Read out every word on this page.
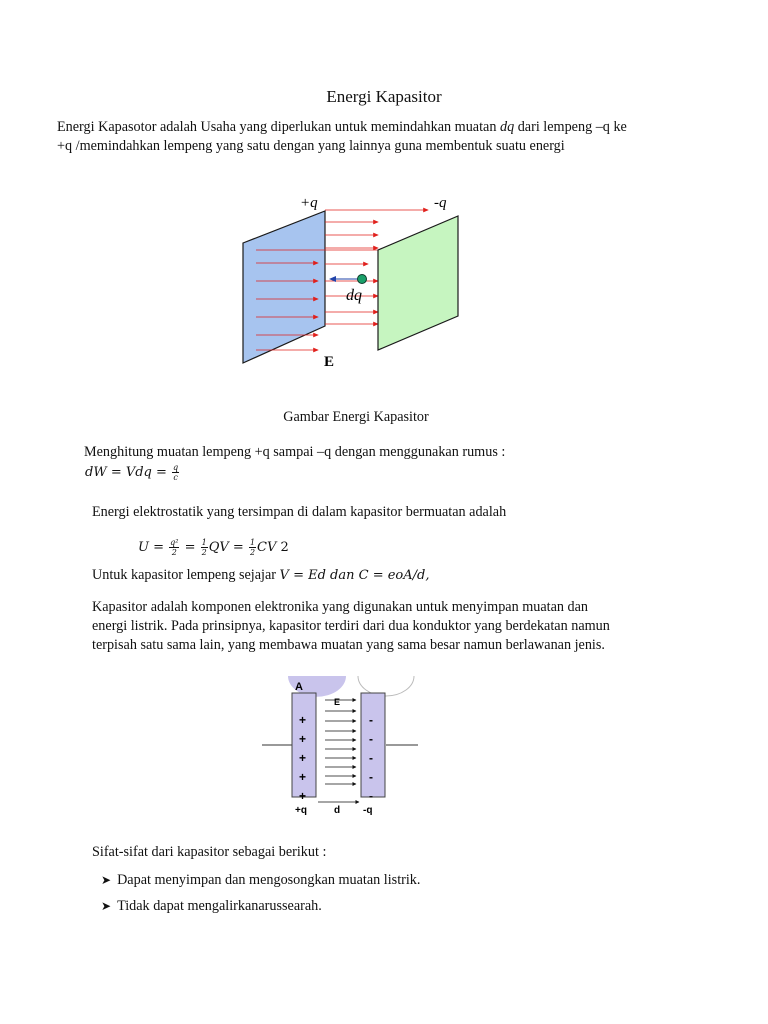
Energi Kapasitor
Energi Kapasotor adalah Usaha yang diperlukan untuk memindahkan muatan dq dari lempeng –q ke
+q /memindahkan lempeng yang satu dengan yang lainnya guna membentuk suatu energi
+q	-q
dq
E
Gambar Energi Kapasitor
Menghitung muatan lempeng +q sampai –q dengan menggunakan rumus :
dW = Vdq = $\frac{q}{c}$
Energi elektrostatik yang tersimpan di dalam kapasitor bermuatan adalah
$U = \frac{\text{q²}}{2} = \frac{1}{2}$ QV = $\frac{1}{2}$ CV 2
Untuk kapasitor lempeng sejajar V = Ed dan C = eoA/d,
Kapasitor adalah komponen elektronika yang digunakan untuk menyimpan muatan dan
energi listrik. Pada prinsipnya, kapasitor terdiri dari dua konduktor yang berdekatan namun
terpisah satu sama lain, yang membawa muatan yang sama besar namun berlawanan jenis.
A
E
+
+
+
+
+
-
-
-
-
-
+q	d -q
Sifat-sifat dari kapasitor sebagai berikut :
➤ Dapat menyimpan dan mengosongkan muatan listrik.
➤ Tidak dapat mengalirkanarussearah.
